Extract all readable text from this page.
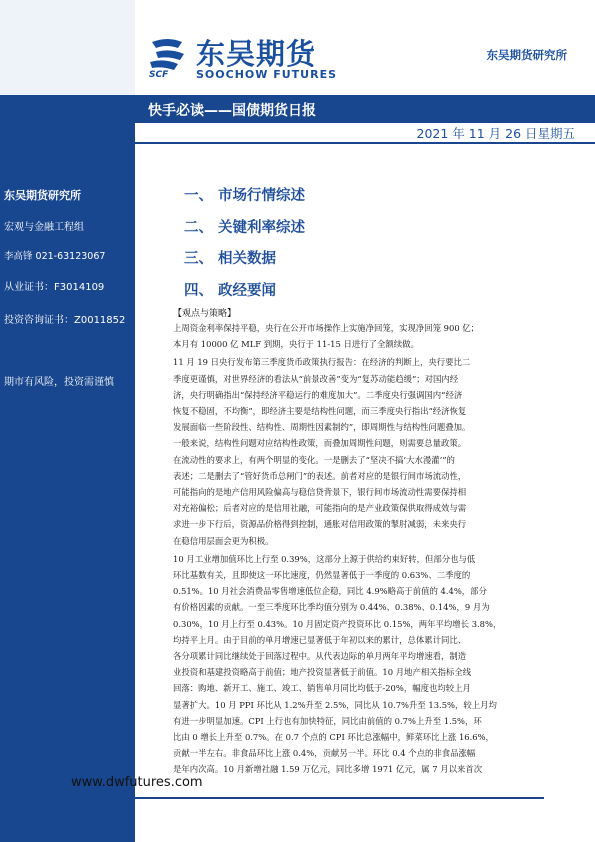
东吴期货研究所
宏观与金融工程组
李高锋 021-63123067
从业证书：F3014109
投资咨询证书：Z0011852
期市有风险，投资需谨慎
SCF
东吴期货
SOOCHOW FUTURES
东吴期货研究所
快手必读——国债期货日报
2021 年 11 月 26 日星期五
一、 市场行情综述
二、 关键利率综述
三、 相关数据
四、 政经要闻
【观点与策略】

上周资金利率保持平稳，央行在公开市场操作上实施净回笼，实现净回笼 900 亿；
本月有 10000 亿 MLF 到期，央行于 11-15 日进行了全额续做。

11 月 19 日央行发布第三季度货币政策执行报告：在经济的判断上，央行要比二
季度更谨慎，对世界经济的看法从“前景改善”变为“复苏动能趋缓”；对国内经
济，央行明确指出“保持经济平稳运行的难度加大”。二季度央行强调国内“经济
恢复不稳固，不均衡”，即经济主要是结构性问题，而三季度央行指出“经济恢复
发展面临一些阶段性、结构性、周期性因素制约”，即周期性与结构性问题叠加。
一般来说，结构性问题对应结构性政策，而叠加周期性问题，则需要总量政策。
在流动性的要求上，有两个明显的变化。一是删去了“坚决不搞‘大水漫灌’”的
表述；二是删去了“管好货币总闸门”的表述。前者对应的是银行间市场流动性，
可能指向的是地产信用风险偏高与稳信贷背景下，银行间市场流动性需要保持相
对充裕偏松；后者对应的是信用社融，可能指向的是产业政策保供取得成效与需
求进一步下行后，资源品价格得到控制，通胀对信用政策的掣肘减弱，未来央行
在稳信用层面会更为积极。

10 月工业增加值环比上行至 0.39%，这部分上源于供给约束好转，但部分也与低
环比基数有关，且即使这一环比速度，仍然显著低于一季度的 0.63%、二季度的
0.51%。10 月社会消费品零售增速低位企稳，同比 4.9%略高于前值的 4.4%，部分
有价格因素的贡献。一至三季度环比季均值分别为 0.44%、0.38%、0.14%，9 月为
0.30%，10 月上行至 0.43%。10 月固定资产投资环比 0.15%，两年平均增长 3.8%，
均持平上月。由于目前的单月增速已显著低于年初以来的累计，总体累计同比、
各分项累计同比继续处于回落过程中。从代表边际的单月两年平均增速看，制造
业投资和基建投资略高于前值；地产投资显著低于前值。10 月地产相关指标全线
回落：购地、新开工、施工、竣工、销售单月同比均低于-20%，幅度也均较上月
显著扩大。10 月 PPI 环比从 1.2%升至 2.5%，同比从 10.7%升至 13.5%，较上月均
有进一步明显加速。CPI 上行也有加快特征，同比由前值的 0.7%上升至 1.5%，环
比由 0 增长上升至 0.7%。在 0.7 个点的 CPI 环比总涨幅中，鲜菜环比上涨 16.6%，
贡献一半左右。非食品环比上涨 0.4%，贡献另一半。环比 0.4 个点的非食品涨幅
是年内次高。10 月新增社融 1.59 万亿元，同比多增 1971 亿元，属 7 月以来首次

www.dwfutures.com
